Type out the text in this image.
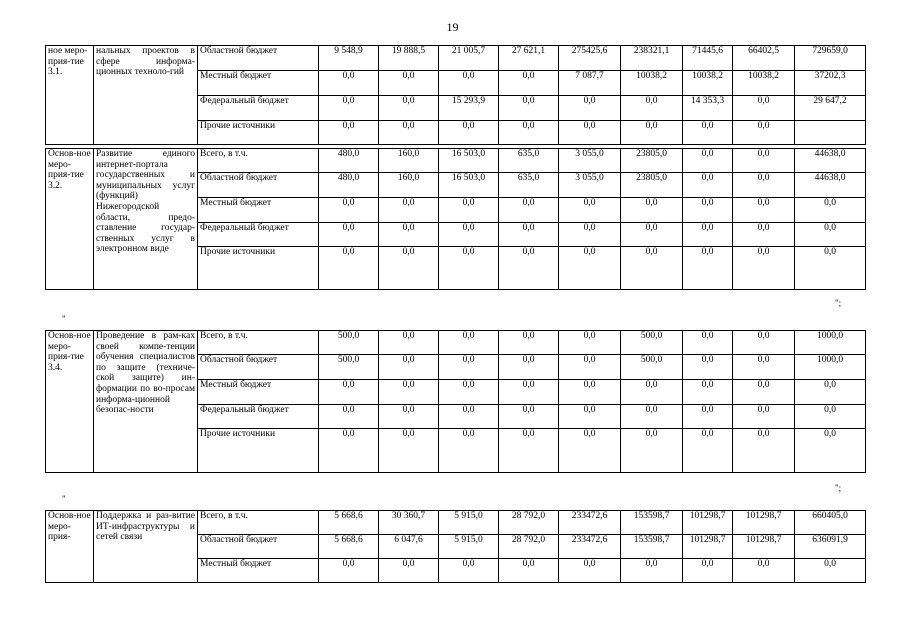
19
ное меро-прия-тие 3.1.	нальных проектов в сфере информа-ционных техноло-гий	Областной бюджет	9 548,9	19 888,5	21 005,7	27 621,1	275425,6	238321,1	71445,6	66402,5	729659,0
		Местный бюджет	0,0	0,0	0,0	0,0	7 087,7	10038,2	10038,2	10038,2	37202,3
		Федеральный бюджет	0,0	0,0	15 293,9	0,0	0,0	0,0	14 353,3	0,0	29 647,2
		Прочие источники	0,0	0,0	0,0	0,0	0,0	0,0	0,0	0,0	
Основ-ное меро-прия-тие 3.2.	Развитие единого интернет-портала государственных и муниципальных услуг (функций) Нижегородской области, предо-ставление государ-ственных услуг в электронном виде	Всего, в т.ч.	480,0	160,0	16 503,0	635,0	3 055,0	23805,0	0,0	0,0	44638,0
		Областной бюджет	480,0	160,0	16 503,0	635,0	3 055,0	23805,0	0,0	0,0	44638,0
		Местный бюджет	0,0	0,0	0,0	0,0	0,0	0,0	0,0	0,0	0,0
		Федеральный бюджет	0,0	0,0	0,0	0,0	0,0	0,0	0,0	0,0	0,0
		Прочие источники	0,0	0,0	0,0	0,0	0,0	0,0	0,0	0,0	0,0
";
"
Основ-ное меро-прия-тие 3.4.	Проведение в рам-ках своей компе-тенции обучения специалистов по защите (техниче-ской защите) ин-формации по во-просам информа-ционной безопас-ности	Всего, в т.ч.	500,0	0,0	0,0	0,0	0,0	500,0	0,0	0,0	1000,0
		Областной бюджет	500,0	0,0	0,0	0,0	0,0	500,0	0,0	0,0	1000,0
		Местный бюджет	0,0	0,0	0,0	0,0	0,0	0,0	0,0	0,0	0,0
		Федеральный бюджет	0,0	0,0	0,0	0,0	0,0	0,0	0,0	0,0	0,0
		Прочие источники	0,0	0,0	0,0	0,0	0,0	0,0	0,0	0,0	0,0
";
"
Основ-ное меро-прия-	Поддержка и раз-витие ИТ-инфраструктуры и сетей связи	Всего, в т.ч.	5 668,6	30 360,7	5 915,0	28 792,0	233472,6	153598,7	101298,7	101298,7	660405,0
		Областной бюджет	5 668,6	6 047,6	5 915,0	28 792,0	233472,6	153598,7	101298,7	101298,7	636091,9
		Местный бюджет	0,0	0,0	0,0	0,0	0,0	0,0	0,0	0,0	0,0
